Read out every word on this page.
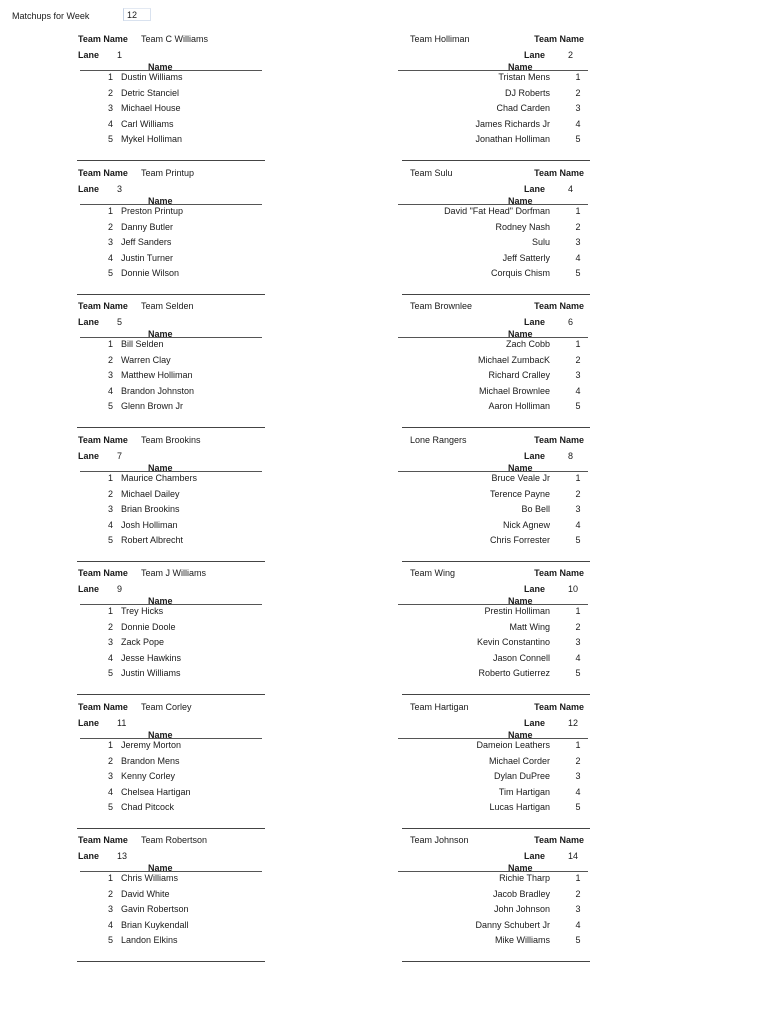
Matchups for Week	12
Team Name Team C Williams
Lane 1
Name
1 Dustin Williams
2 Detric Stanciel
3 Michael House
4 Carl Williams
5 Mykel Holliman
Team Holliman	Team Name
Lane	2
Name
Tristan Mens	1
DJ Roberts	2
Chad Carden	3
James Richards Jr	4
Jonathan Holliman	5
Team Name Team Printup
Lane 3
Name
1 Preston Printup
2 Danny Butler
3 Jeff Sanders
4 Justin Turner
5 Donnie Wilson
Team Sulu	Team Name
Lane	4
Name
David "Fat Head" Dorfman	1
Rodney Nash	2
Sulu	3
Jeff Satterly	4
Corquis Chism	5
Team Name Team Selden
Lane 5
Name
1 Bill Selden
2 Warren Clay
3 Matthew Holliman
4 Brandon Johnston
5 Glenn Brown Jr
Team Brownlee	Team Name
Lane	6
Name
Zach Cobb	1
Michael ZumbacK	2
Richard Cralley	3
Michael Brownlee	4
Aaron Holliman	5
Team Name Team Brookins
Lane 7
Name
1 Maurice Chambers
2 Michael Dailey
3 Brian Brookins
4 Josh Holliman
5 Robert Albrecht
Lone Rangers	Team Name
Lane	8
Name
Bruce Veale Jr	1
Terence Payne	2
Bo Bell	3
Nick Agnew	4
Chris Forrester	5
Team Name Team J Williams
Lane 9
Name
1 Trey Hicks
2 Donnie Doole
3 Zack Pope
4 Jesse Hawkins
5 Justin Williams
Team Wing	Team Name
Lane	10
Name
Prestin Holliman	1
Matt Wing	2
Kevin Constantino	3
Jason Connell	4
Roberto Gutierrez	5
Team Name Team Corley
Lane 11
Name
1 Jeremy Morton
2 Brandon Mens
3 Kenny Corley
4 Chelsea Hartigan
5 Chad Pitcock
Team Hartigan	Team Name
Lane	12
Name
Dameion Leathers	1
Michael Corder	2
Dylan DuPree	3
Tim Hartigan	4
Lucas Hartigan	5
Team Name Team Robertson
Lane 13
Name
1 Chris Williams
2 David White
3 Gavin Robertson
4 Brian Kuykendall
5 Landon Elkins
Team Johnson	Team Name
Lane	14
Name
Richie Tharp	1
Jacob Bradley	2
John Johnson	3
Danny Schubert Jr	4
Mike Williams	5
